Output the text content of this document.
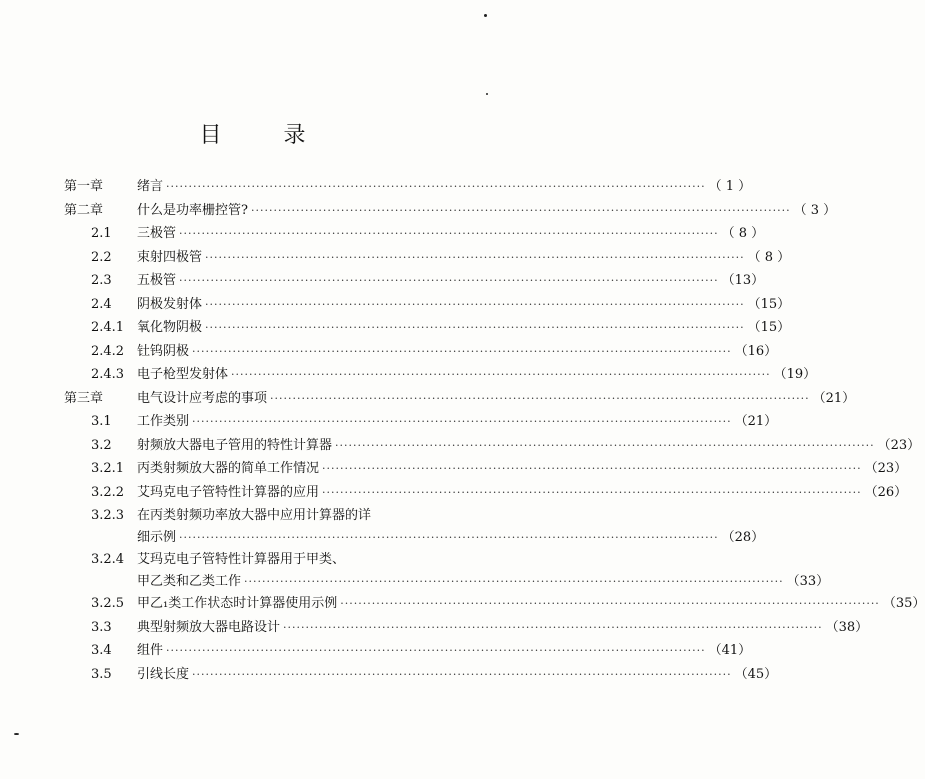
目录
第一章	绪言 ························································································································ （ 1 ）
第二章	什么是功率栅控管? ························································································································ （ 3 ）
2.1 三极管 ························································································································ （ 8 ）
2.2 束射四极管 ························································································································ （ 8 ）
2.3 五极管 ························································································································ （13）
2.4 阴极发射体 ························································································································ （15）
2.4.1 氧化物阴极 ························································································································ （15）
2.4.2 钍钨阴极 ························································································································ （16）
2.4.3 电子枪型发射体 ························································································································ （19）
第三章	电气设计应考虑的事项 ························································································································ （21）
3.1 工作类别 ························································································································ （21）
3.2 射频放大器电子管用的特性计算器 ························································································································ （23）
3.2.1 丙类射频放大器的简单工作情况 ························································································································ （23）
3.2.2 艾玛克电子管特性计算器的应用 ························································································································ （26）
3.2.3 在丙类射频功率放大器中应用计算器的详
细示例 ························································································································ （28）
3.2.4 艾玛克电子管特性计算器用于甲类、
甲乙类和乙类工作 ························································································································ （33）
3.2.5 甲乙₁类工作状态时计算器使用示例 ························································································································ （35）
3.3 典型射频放大器电路设计 ························································································································ （38）
3.4 组件 ························································································································ （41）
3.5 引线长度 ························································································································ （45）
